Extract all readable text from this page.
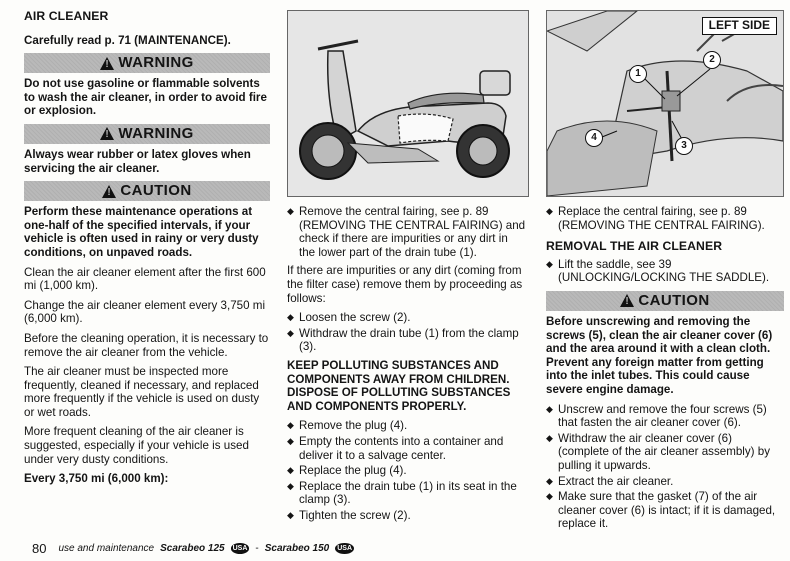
AIR CLEANER

Carefully read p. 71 (MAINTENANCE).

!
WARNING

Do not use gasoline or flammable solvents to wash the air cleaner, in order to avoid fire or explosion.

!
WARNING

Always wear rubber or latex gloves when servicing the air cleaner.

!
CAUTION

Perform these maintenance operations at one-half of the specified intervals, if your vehicle is often used in rainy or very dusty conditions, on unpaved roads.

Clean the air cleaner element after the first 600 mi (1,000 km).

Change the air cleaner element every 3,750 mi (6,000 km).

Before the cleaning operation, it is necessary to remove the air cleaner from the vehicle.

The air cleaner must be inspected more frequently, cleaned if necessary, and replaced more frequently if the vehicle is used on dusty or wet roads.

More frequent cleaning of the air cleaner is suggested, especially if your vehicle is used under very dusty conditions.

Every 3,750 mi (6,000 km):

◆ Remove the central fairing, see p. 89 (REMOVING THE CENTRAL FAIRING) and check if there are impurities or any dirt in the lower part of the drain tube (1).

If there are impurities or any dirt (coming from the filter case) remove them by proceeding as follows:

◆ Loosen the screw (2).
◆ Withdraw the drain tube (1) from the clamp (3).

KEEP POLLUTING SUBSTANCES AND COMPONENTS AWAY FROM CHILDREN. DISPOSE OF POLLUTING SUBSTANCES AND COMPONENTS PROPERLY.

◆ Remove the plug (4).
◆ Empty the contents into a container and deliver it to a salvage center.
◆ Replace the plug (4).
◆ Replace the drain tube (1) in its seat in the clamp (3).
◆ Tighten the screw (2).
LEFT SIDE
1
2
3
4
◆ Replace the central fairing, see p. 89 (REMOVING THE CENTRAL FAIRING).
REMOVAL THE AIR CLEANER
◆ Lift the saddle, see 39 (UNLOCKING/LOCKING THE SADDLE).
!
CAUTION

Before unscrewing and removing the screws (5), clean the air cleaner cover (6) and the area around it with a clean cloth. Prevent any foreign matter from getting into the inlet tubes. This could cause severe engine damage.

◆ Unscrew and remove the four screws (5) that fasten the air cleaner cover (6).
◆ Withdraw the air cleaner cover (6) (complete of the air cleaner assembly) by pulling it upwards.
◆ Extract the air cleaner.
◆ Make sure that the gasket (7) of the air cleaner cover (6) is intact; if it is damaged, replace it.
80 use and maintenance Scarabeo 125 USA - Scarabeo 150 USA
